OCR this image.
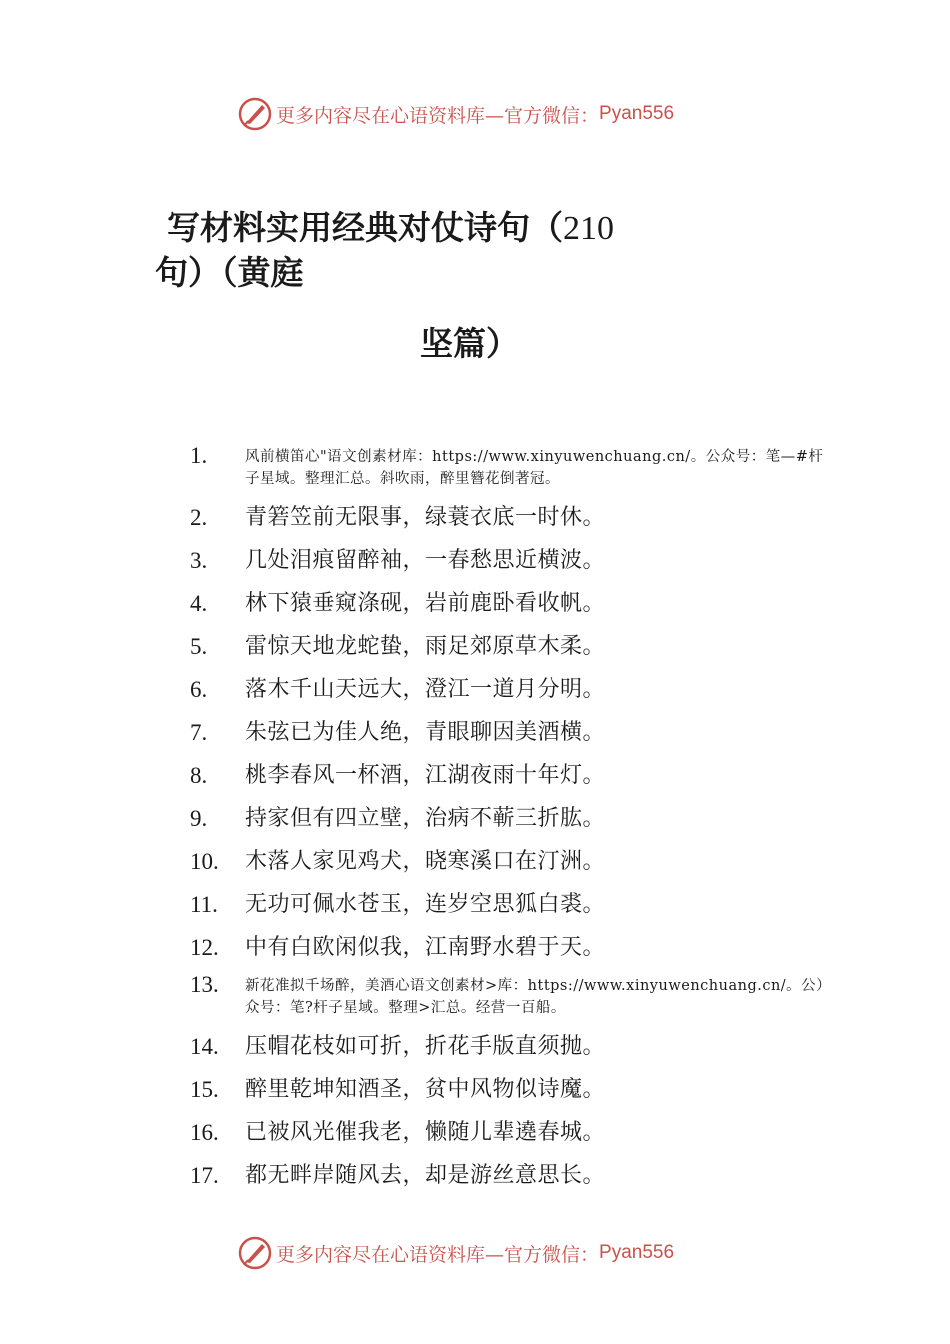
更多内容尽在心语资料库—官方微信： Pyan556
写材料实用经典对仗诗句（210
句）（黄庭
坚篇）
1.	风前横笛心"语文创素材库：https://www.xinyuwenchuang.cn/。公众号：笔—#杆子星域。整理汇总。斜吹雨，醉里簪花倒著冠。
2.	青箬笠前无限事，绿蓑衣底一时休。
3.	几处泪痕留醉袖，一春愁思近横波。
4.	林下猿垂窥涤砚，岩前鹿卧看收帆。
5.	雷惊天地龙蛇蛰，雨足郊原草木柔。
6.	落木千山天远大，澄江一道月分明。
7.	朱弦已为佳人绝，青眼聊因美酒横。
8.	桃李春风一杯酒，江湖夜雨十年灯。
9.	持家但有四立壁，治病不蕲三折肱。
10.	木落人家见鸡犬，晓寒溪口在汀洲。
11.	无功可佩水苍玉，连岁空思狐白裘。
12.	中有白欧闲似我，江南野水碧于天。
13.	新花准拟千场醉，美酒心语文创素材>库：https://www.xinyuwenchuang.cn/。公）众号：笔?杆子星域。整理>汇总。经营一百船。
14.	压帽花枝如可折，折花手版直须抛。
15.	醉里乾坤知酒圣，贫中风物似诗魔。
16.	已被风光催我老，懒随儿辈遶春城。
17.	都无畔岸随风去，却是游丝意思长。
更多内容尽在心语资料库—官方微信： Pyan556
